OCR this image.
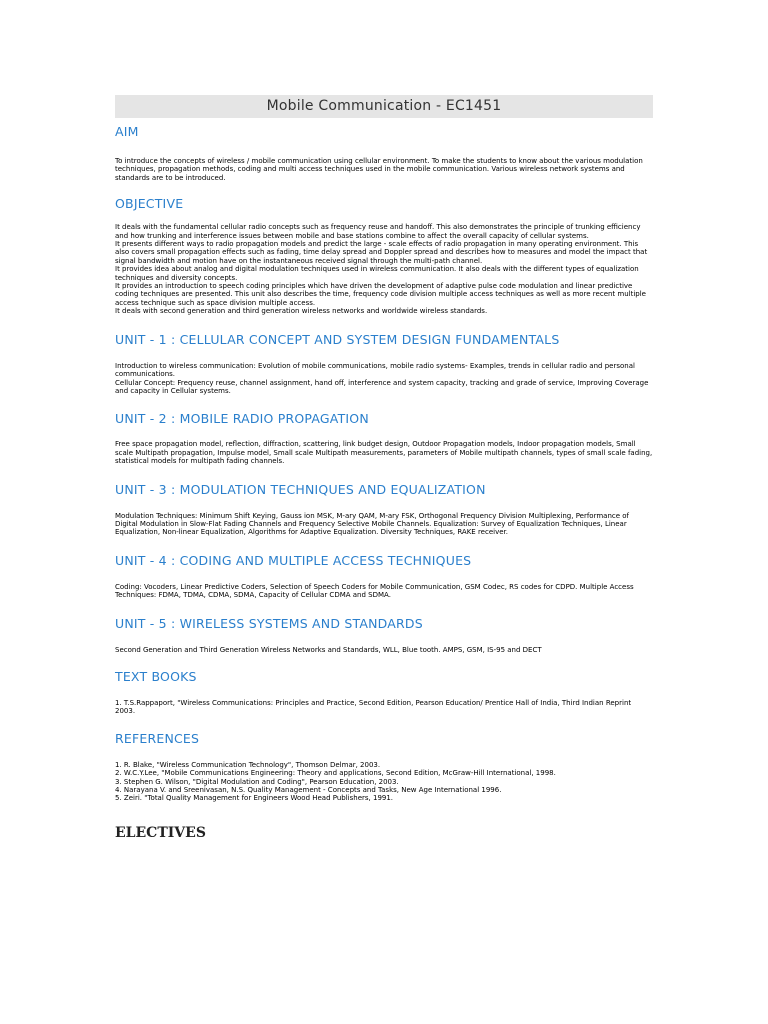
Mobile Communication - EC1451
AIM

To introduce the concepts of wireless / mobile communication using cellular environment. To make the students to know about the various modulation techniques, propagation methods, coding and multi access techniques used in the mobile communication. Various wireless network systems and standards are to be introduced.

OBJECTIVE

It deals with the fundamental cellular radio concepts such as frequency reuse and handoff. This also demonstrates the principle of trunking efficiency and how trunking and interference issues between mobile and base stations combine to affect the overall capacity of cellular systems.

It presents different ways to radio propagation models and predict the large - scale effects of radio propagation in many operating environment. This also covers small propagation effects such as fading, time delay spread and Doppler spread and describes how to measures and model the impact that signal bandwidth and motion have on the instantaneous received signal through the multi-path channel.

It provides idea about analog and digital modulation techniques used in wireless communication. It also deals with the different types of equalization techniques and diversity concepts.

It provides an introduction to speech coding principles which have driven the development of adaptive pulse code modulation and linear predictive coding techniques are presented. This unit also describes the time, frequency code division multiple access techniques as well as more recent multiple access technique such as space division multiple access.

It deals with second generation and third generation wireless networks and worldwide wireless standards.

UNIT - 1 : CELLULAR CONCEPT AND SYSTEM DESIGN FUNDAMENTALS

Introduction to wireless communication: Evolution of mobile communications, mobile radio systems- Examples, trends in cellular radio and personal communications.

Cellular Concept: Frequency reuse, channel assignment, hand off, interference and system capacity, tracking and grade of service, Improving Coverage and capacity in Cellular systems.

UNIT - 2 : MOBILE RADIO PROPAGATION

Free space propagation model, reflection, diffraction, scattering, link budget design, Outdoor Propagation models, Indoor propagation models, Small scale Multipath propagation, Impulse model, Small scale Multipath measurements, parameters of Mobile multipath channels, types of small scale fading, statistical models for multipath fading channels.

UNIT - 3 : MODULATION TECHNIQUES AND EQUALIZATION

Modulation Techniques: Minimum Shift Keying, Gauss ion MSK, M-ary QAM, M-ary FSK, Orthogonal Frequency Division Multiplexing, Performance of Digital Modulation in Slow-Flat Fading Channels and Frequency Selective Mobile Channels. Equalization: Survey of Equalization Techniques, Linear Equalization, Non-linear Equalization, Algorithms for Adaptive Equalization. Diversity Techniques, RAKE receiver.

UNIT - 4 : CODING AND MULTIPLE ACCESS TECHNIQUES

Coding: Vocoders, Linear Predictive Coders, Selection of Speech Coders for Mobile Communication, GSM Codec, RS codes for CDPD. Multiple Access Techniques: FDMA, TDMA, CDMA, SDMA, Capacity of Cellular CDMA and SDMA.

UNIT - 5 : WIRELESS SYSTEMS AND STANDARDS

Second Generation and Third Generation Wireless Networks and Standards, WLL, Blue tooth. AMPS, GSM, IS-95 and DECT

TEXT BOOKS
1. T.S.Rappaport, "Wireless Communications: Principles and Practice, Second Edition, Pearson Education/ Prentice Hall of India, Third Indian Reprint 2003.
REFERENCES
1. R. Blake, "Wireless Communication Technology", Thomson Delmar, 2003.
2. W.C.Y.Lee, "Mobile Communications Engineering: Theory and applications, Second Edition, McGraw-Hill International, 1998.
3. Stephen G. Wilson, "Digital Modulation and Coding", Pearson Education, 2003.
4. Narayana V. and Sreenivasan, N.S. Quality Management - Concepts and Tasks, New Age International 1996.
5. Zeiri. "Total Quality Management for Engineers Wood Head Publishers, 1991.
ELECTIVES
